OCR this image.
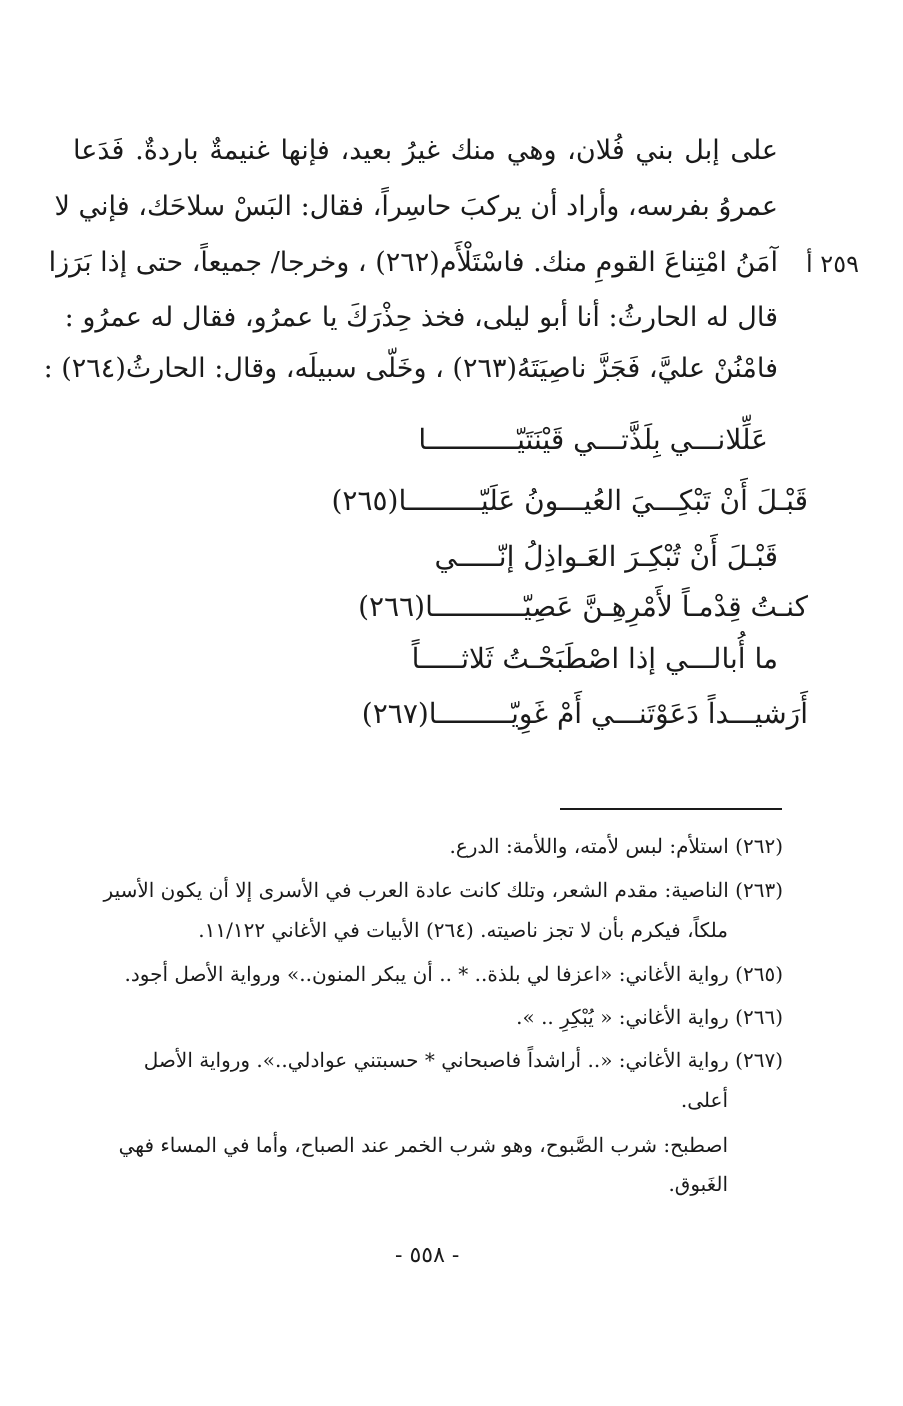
على إبل بني فُلان، وهي منك غيرُ بعيد، فإنها غنيمةٌ باردةٌ. فَدَعا
عمروُ بفرسه، وأراد أن يركبَ حاسِراً، فقال: البَسْ سلاحَك، فإني لا
آمَنُ امْتِناعَ القومِ منك. فاسْتَلْأَم(٢٦٢) ، وخرجا/ جميعاً، حتى إذا بَرَزا ٢٥٩ أ
قال له الحارثُ: أنا أبو ليلى، فخذ حِذْرَكَ يا عمرُو، فقال له عمرُو :
فامْنُنْ عليَّ، فَجَزَّ ناصِيَتَهُ(٢٦٣) ، وخَلّى سبيلَه، وقال: الحارثُ(٢٦٤) :
عَلِّلانـــي بِلَذَّتـــي قَيْنَتَيّـــــــــــا
قَبْـلَ أَنْ تَبْكِـــيَ العُيـــونُ عَلَيّـــــــــا(٢٦٥)
قَبْـلَ أَنْ تُبْكِـرَ العَـواذِلُ إنّـــــي
كنـتُ قِدْمـاً لأَمْرِهِـنَّ عَصِيّـــــــــــا(٢٦٦)
ما أُبالـــي إذا اصْطَبَحْـتُ ثَلاثـــــاً
أَرَشيـــداً دَعَوْتَنـــي أَمْ غَوِيّـــــــــا(٢٦٧)
(٢٦٢) استلأم: لبس لأمته، واللأمة: الدرع.
(٢٦٣) الناصية: مقدم الشعر، وتلك كانت عادة العرب في الأسرى إلا أن يكون الأسير
ملكاً، فيكرم بأن لا تجز ناصيته. (٢٦٤) الأبيات في الأغاني ١١/١٢٢.
(٢٦٥) رواية الأغاني: «اعزفا لي بلذة.. * .. أن يبكر المنون..» ورواية الأصل أجود.
(٢٦٦) رواية الأغاني: « يُبْكِرِ .. ».
(٢٦٧) رواية الأغاني: «.. أراشداً فاصبحاني * حسبتني عوادلي..». ورواية الأصل
أعلى.
اصطبح: شرب الصَّبوح، وهو شرب الخمر عند الصباح، وأما في المساء فهي
الغَبوق.
- ٥٥٨ -
